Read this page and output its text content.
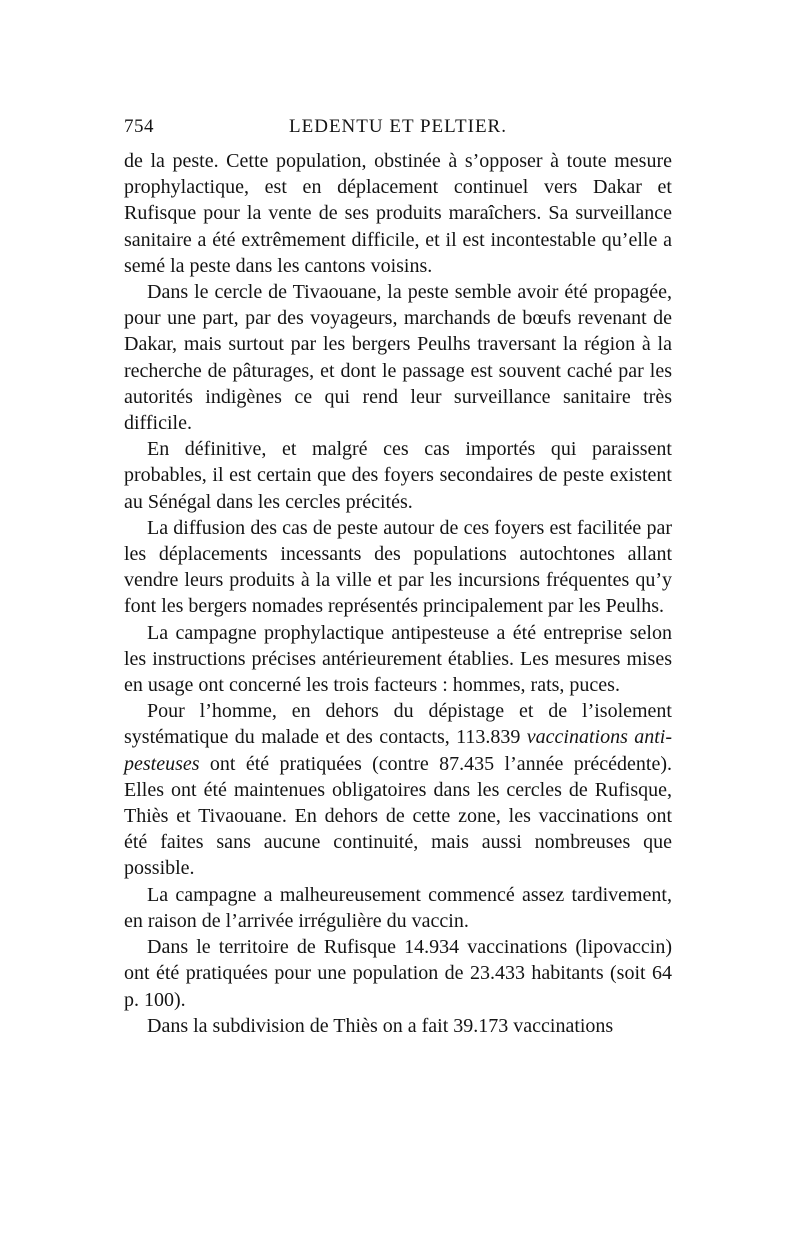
754	LEDENTU ET PELTIER.

de la peste. Cette population, obstinée à s’opposer à toute mesure prophylactique, est en déplacement continuel vers Dakar et Rufisque pour la vente de ses produits maraîchers. Sa surveillance sanitaire a été extrêmement difficile, et il est incontestable qu’elle a semé la peste dans les cantons voisins.

Dans le cercle de Tivaouane, la peste semble avoir été propagée, pour une part, par des voyageurs, marchands de bœufs revenant de Dakar, mais surtout par les bergers Peulhs traversant la région à la recherche de pâturages, et dont le passage est souvent caché par les autorités indigènes ce qui rend leur surveillance sanitaire très difficile.

En définitive, et malgré ces cas importés qui paraissent probables, il est certain que des foyers secondaires de peste existent au Sénégal dans les cercles précités.

La diffusion des cas de peste autour de ces foyers est facilitée par les déplacements incessants des populations autochtones allant vendre leurs produits à la ville et par les incursions fréquentes qu’y font les bergers nomades représentés principalement par les Peulhs.

La campagne prophylactique antipesteuse a été entreprise selon les instructions précises antérieurement établies. Les mesures mises en usage ont concerné les trois facteurs : hommes, rats, puces.

Pour l’homme, en dehors du dépistage et de l’isolement systématique du malade et des contacts, 113.839 vaccinations anti-pesteuses ont été pratiquées (contre 87.435 l’année précédente). Elles ont été maintenues obligatoires dans les cercles de Rufisque, Thiès et Tivaouane. En dehors de cette zone, les vaccinations ont été faites sans aucune continuité, mais aussi nombreuses que possible.

La campagne a malheureusement commencé assez tardivement, en raison de l’arrivée irrégulière du vaccin.

Dans le territoire de Rufisque 14.934 vaccinations (lipovaccin) ont été pratiquées pour une population de 23.433 habitants (soit 64 p. 100).

Dans la subdivision de Thiès on a fait 39.173 vaccinations
